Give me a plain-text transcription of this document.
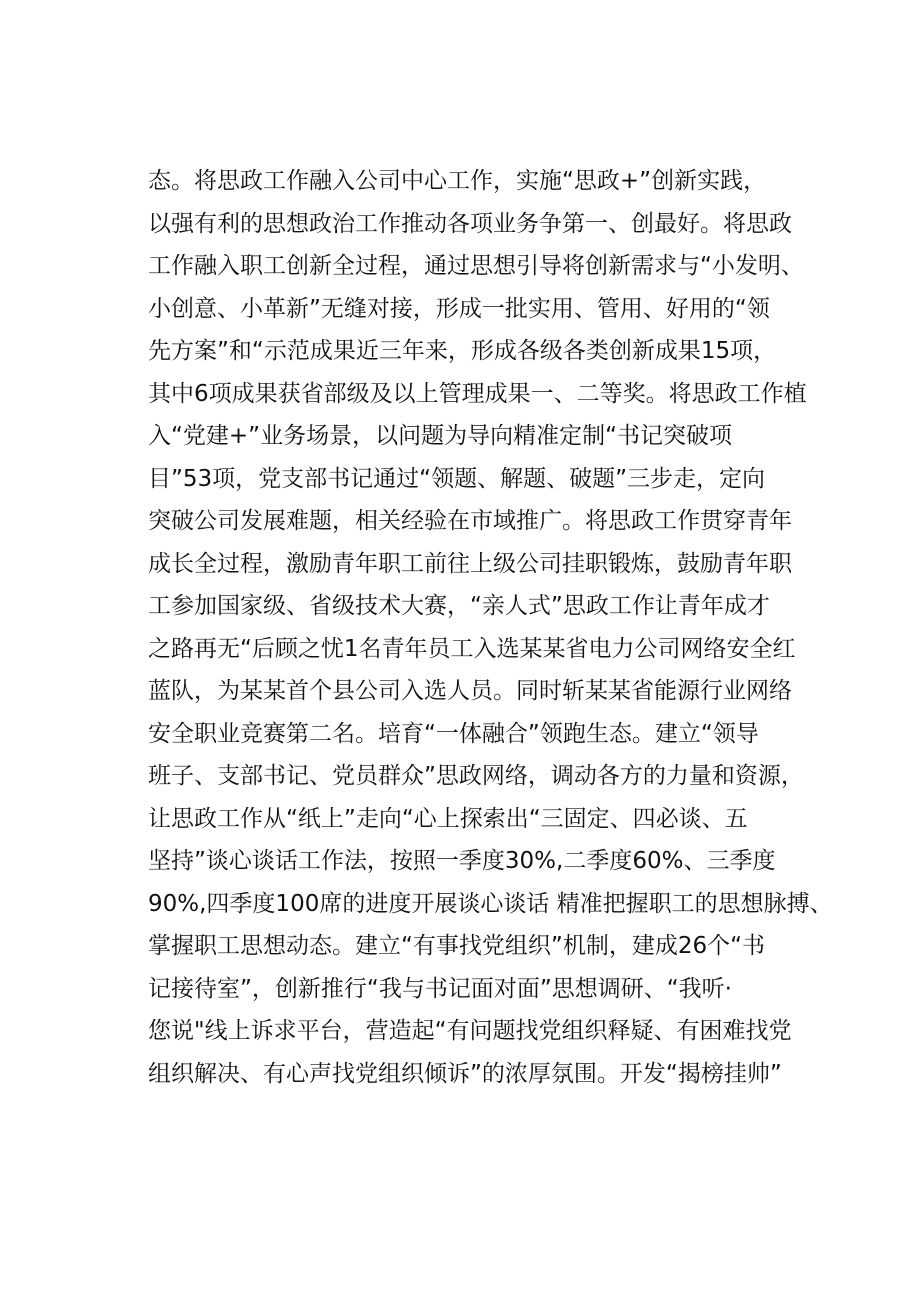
态。将思政工作融入公司中心工作，实施“思政+”创新实践，
以强有利的思想政治工作推动各项业务争第一、创最好。将思政
工作融入职工创新全过程，通过思想引导将创新需求与“小发明、
小创意、小革新”无缝对接，形成一批实用、管用、好用的“领
先方案”和“示范成果近三年来，形成各级各类创新成果15项，
其中6项成果获省部级及以上管理成果一、二等奖。将思政工作植
入“党建+”业务场景，以问题为导向精准定制“书记突破项
目”53项，党支部书记通过“领题、解题、破题”三步走，定向
突破公司发展难题，相关经验在市域推广。将思政工作贯穿青年
成长全过程，激励青年职工前往上级公司挂职锻炼，鼓励青年职
工参加国家级、省级技术大赛，“亲人式”思政工作让青年成才
之路再无“后顾之忧1名青年员工入选某某省电力公司网络安全红
蓝队，为某某首个县公司入选人员。同时斩某某省能源行业网络
安全职业竞赛第二名。培育“一体融合”领跑生态。建立“领导
班子、支部书记、党员群众”思政网络，调动各方的力量和资源，
让思政工作从“纸上”走向“心上探索出“三固定、四必谈、五
坚持”谈心谈话工作法，按照一季度30%,二季度60%、三季度
90%,四季度100席的进度开展谈心谈话 精准把握职工的思想脉搏、
掌握职工思想动态。建立“有事找党组织”机制，建成26个“书
记接待室”，创新推行“我与书记面对面”思想调研、“我听·
您说"线上诉求平台，营造起“有问题找党组织释疑、有困难找党
组织解决、有心声找党组织倾诉”的浓厚氛围。开发“揭榜挂帅”
